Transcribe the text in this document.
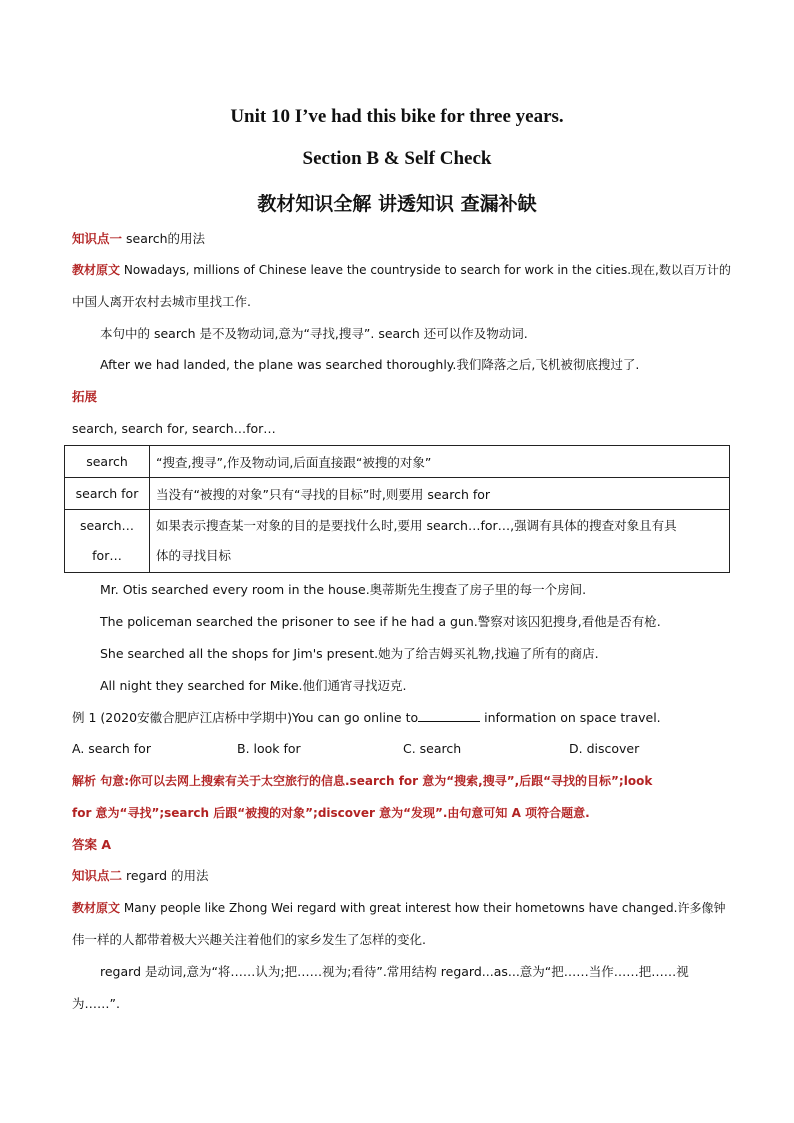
Unit 10 I’ve had this bike for three years.
Section B & Self Check
教材知识全解 讲透知识 查漏补缺
知识点一 search的用法
教材原文 Nowadays, millions of Chinese leave the countryside to search for work in the cities.现在,数以百万计的
中国人离开农村去城市里找工作.
本句中的 search 是不及物动词,意为“寻找,搜寻”. search 还可以作及物动词.
After we had landed, the plane was searched thoroughly.我们降落之后,飞机被彻底搜过了.
拓展
search, search for, search…for…
search	“搜查,搜寻”,作及物动词,后面直接跟“被搜的对象”
search for	当没有“被搜的对象”只有“寻找的目标”时,则要用 search for
search…for…	如果表示搜查某一对象的目的是要找什么时,要用 search…for…,强调有具体的搜查对象且有具
体的寻找目标
Mr. Otis searched every room in the house.奥蒂斯先生搜查了房子里的每一个房间.
The policeman searched the prisoner to see if he had a gun.警察对该囚犯搜身,看他是否有枪.
She searched all the shops for Jim's present.她为了给吉姆买礼物,找遍了所有的商店.
All night they searched for Mike.他们通宵寻找迈克.
例 1 (2020安徽合肥庐江店桥中学期中)You can go online to	information on space travel.
A. search for	B. look for	C. search	D. discover
解析 句意:你可以去网上搜索有关于太空旅行的信息.search for 意为“搜索,搜寻”,后跟“寻找的目标”;look
for 意为“寻找”;search 后跟“被搜的对象”;discover 意为“发现”.由句意可知 A 项符合题意.
答案 A
知识点二 regard 的用法
教材原文 Many people like Zhong Wei regard with great interest how their hometowns have changed.许多像钟
伟一样的人都带着极大兴趣关注着他们的家乡发生了怎样的变化.
regard 是动词,意为“将……认为;把……视为;看待”.常用结构 regard...as...意为“把……当作……把……视
为……”.
